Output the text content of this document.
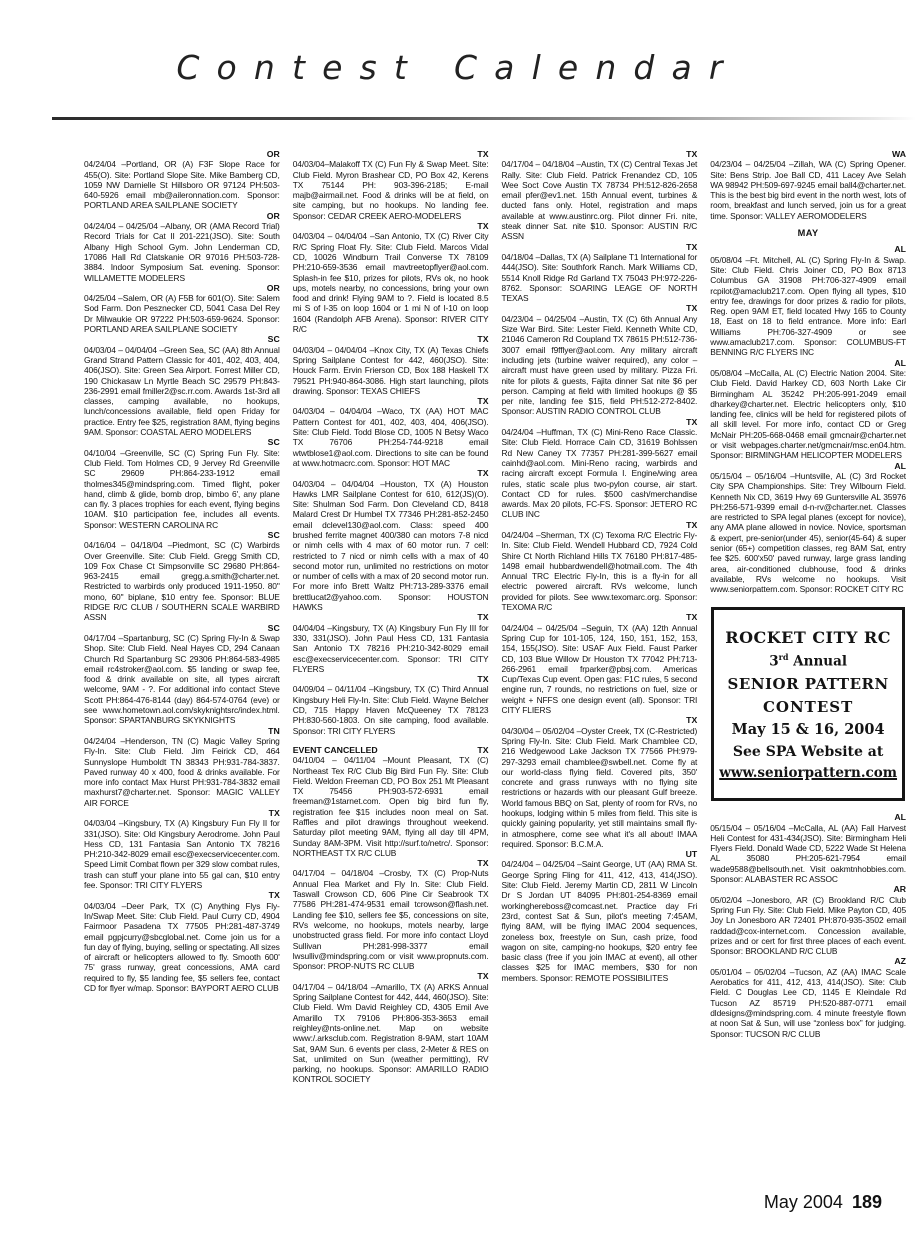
Contest Calendar
OR
04/24/04 –Portland, OR (A) F3F Slope Race for 455(O). Site: Portland Slope Site. Mike Bamberg CD, 1059 NW Darnielle St Hillsboro OR 97124 PH:503-640-5926 email mb@aileronnation.com. Sponsor: PORTLAND AREA SAILPLANE SOCIETY
OR
04/24/04 – 04/25/04 –Albany, OR (AMA Record Trial) Record Trials for Cat II 201-221(JSO). Site: South Albany High School Gym. John Lenderman CD, 17086 Hall Rd Clatskanie OR 97016 PH:503-728-3884. Indoor Symposium Sat. evening. Sponsor: WILLAMETTE MODELERS
OR
04/25/04 –Salem, OR (A) F5B for 601(O). Site: Salem Sod Farm. Don Pesznecker CD, 5041 Casa Del Rey Dr Milwaukie OR 97222 PH:503-659-9624. Sponsor: PORTLAND AREA SAILPLANE SOCIETY
SC
04/03/04 – 04/04/04 –Green Sea, SC (AA) 8th Annual Grand Strand Pattern Classic for 401, 402, 403, 404, 406(JSO). Site: Green Sea Airport. Forrest Miller CD, 190 Chickasaw Ln Myrtle Beach SC 29579 PH:843-236-2991 email fmiller2@sc.rr.com. Awards 1st-3rd all classes, camping available, no hookups, lunch/concessions available, field open Friday for practice. Entry fee $25, registration 8AM, flying begins 9AM. Sponsor: COASTAL AERO MODELERS
SC
04/10/04 –Greenville, SC (C) Spring Fun Fly. Site: Club Field. Tom Holmes CD, 9 Jervey Rd Greenville SC 29609 PH:864-233-1912 email tholmes345@mindspring.com. Timed flight, poker hand, climb & glide, bomb drop, bimbo 6', any plane can fly. 3 places trophies for each event, flying begins 10AM. $10 participation fee, includes all events. Sponsor: WESTERN CAROLINA RC
SC
04/16/04 – 04/18/04 –Piedmont, SC (C) Warbirds Over Greenville. Site: Club Field. Gregg Smith CD, 109 Fox Chase Ct Simpsonville SC 29680 PH:864-963-2415 email gregg.a.smith@charter.net. Restricted to warbirds only produced 1911-1950. 80" mono, 60" biplane, $10 entry fee. Sponsor: BLUE RIDGE R/C CLUB / SOUTHERN SCALE WARBIRD ASSN
SC
04/17/04 –Spartanburg, SC (C) Spring Fly-In & Swap Shop. Site: Club Field. Neal Hayes CD, 294 Canaan Church Rd Spartanburg SC 29306 PH:864-583-4985 email rc4stroker@aol.com. $5 landing or swap fee, food & drink available on site, all types aircraft welcome, 9AM - ?. For additional info contact Steve Scott PH:864-476-8144 (day) 864-574-0764 (eve) or see www.hometown.aol.com/skyknightsrc/index.html. Sponsor: SPARTANBURG SKYKNIGHTS
TN
04/24/04 –Henderson, TN (C) Magic Valley Spring Fly-In. Site: Club Field. Jim Feirick CD, 464 Sunnyslope Humboldt TN 38343 PH:931-784-3837. Paved runway 40 x 400, food & drinks available. For more info contact Max Hurst PH:931-784-3832 email maxhurst7@charter.net. Sponsor: MAGIC VALLEY AIR FORCE
TX
04/03/04 –Kingsbury, TX (A) Kingsbury Fun Fly II for 331(JSO). Site: Old Kingsbury Aerodrome. John Paul Hess CD, 131 Fantasia San Antonio TX 78216 PH:210-342-8029 email esc@execservicecenter.com. Speed Limit Combat flown per 329 slow combat rules, trash can stuff your plane into 55 gal can, $10 entry fee. Sponsor: TRI CITY FLYERS
TX
04/03/04 –Deer Park, TX (C) Anything Flys Fly-In/Swap Meet. Site: Club Field. Paul Curry CD, 4904 Fairmoor Pasadena TX 77505 PH:281-487-3749 email pgpjcurry@sbcglobal.net. Come join us for a fun day of flying, buying, selling or spectating. All sizes of aircraft or helicopters allowed to fly. Smooth 600' 75' grass runway, great concessions, AMA card required to fly, $5 landing fee, $5 sellers fee, contact CD for flyer w/map. Sponsor: BAYPORT AERO CLUB
TX
04/03/04–Malakoff TX (C) Fun Fly & Swap Meet. Site: Club Field. Myron Brashear CD, PO Box 42, Kerens TX 75144 PH: 903-396-2185; E-mail majb@airmail.net. Food & drinks will be at field, on site camping, but no hookups. No landing fee. Sponsor: CEDAR CREEK AERO-MODELERS
TX
04/03/04 – 04/04/04 –San Antonio, TX (C) River City R/C Spring Float Fly. Site: Club Field. Marcos Vidal CD, 10026 Windburn Trail Converse TX 78109 PH:210-659-3536 email mavtreetopflyer@aol.com. Splash-in fee $10, prizes for pilots, RVs ok, no hook ups, motels nearby, no concessions, bring your own food and drink! Flying 9AM to ?. Field is located 8.5 mi S of I-35 on loop 1604 or 1 mi N of I-10 on loop 1604 (Randolph AFB Arena). Sponsor: RIVER CITY R/C
TX
04/03/04 – 04/04/04 –Knox City, TX (A) Texas Chiefs Spring Sailplane Contest for 442, 460(JSO). Site: Houck Farm. Ervin Frierson CD, Box 188 Haskell TX 79521 PH:940-864-3086. High start launching, pilots drawing. Sponsor: TEXAS CHIEFS
TX
04/03/04 – 04/04/04 –Waco, TX (AA) HOT MAC Pattern Contest for 401, 402, 403, 404, 406(JSO). Site: Club Field. Todd Blose CD, 1005 N Betsy Waco TX 76706 PH:254-744-9218 email wtwtblose1@aol.com. Directions to site can be found at www.hotmacrc.com. Sponsor: HOT MAC
TX
04/03/04 – 04/04/04 –Houston, TX (A) Houston Hawks LMR Sailplane Contest for 610, 612(JS)(O). Site: Shulman Sod Farm. Don Cleveland CD, 8418 Malard Crest Dr Humbel TX 77346 PH:281-852-2450 email dclevel130@aol.com. Class: speed 400 brushed ferrite magnet 400/380 can motors 7-8 nicd or nimh cells with 4 max of 60 motor run. 7 cell: restricted to 7 nicd or nimh cells with a max of 40 second motor run, unlimited no restrictions on motor or number of cells with a max of 20 second motor run. For more info Brett Waltz PH:713-289-3376 email brettlucat2@yahoo.com. Sponsor: HOUSTON HAWKS
TX
04/04/04 –Kingsbury, TX (A) Kingsbury Fun Fly III for 330, 331(JSO). John Paul Hess CD, 131 Fantasia San Antonio TX 78216 PH:210-342-8029 email esc@execservicecenter.com. Sponsor: TRI CITY FLYERS
TX
04/09/04 – 04/11/04 –Kingsbury, TX (C) Third Annual Kingsbury Heli Fly-In. Site: Club Field. Wayne Belcher CD, 715 Happy Haven McQueeney TX 78123 PH:830-560-1803. On site camping, food available. Sponsor: TRI CITY FLYERS
EVENT CANCELLED	TX
04/10/04 – 04/11/04 –Mount Pleasant, TX (C) Northeast Tex R/C Club Big Bird Fun Fly. Site: Club Field. Weldon Freeman CD, PO Box 251 Mt Pleasant TX 75456 PH:903-572-6931 email freeman@1starnet.com. Open big bird fun fly, registration fee $15 includes noon meal on Sat. Raffles and pilot drawings throughout weekend. Saturday pilot meeting 9AM, flying all day till 4PM, Sunday 8AM-3PM. Visit http://surf.to/netrc/. Sponsor: NORTHEAST TX R/C CLUB
TX
04/17/04 – 04/18/04 –Crosby, TX (C) Prop-Nuts Annual Flea Market and Fly In. Site: Club Field. Taswall Crowson CD, 606 Pine Cir Seabrook TX 77586 PH:281-474-9531 email tcrowson@flash.net. Landing fee $10, sellers fee $5, concessions on site, RVs welcome, no hookups, motels nearby, large unobstructed grass field. For more info contact Lloyd Sullivan PH:281-998-3377 email lwsulliv@mindspring.com or visit www.propnuts.com. Sponsor: PROP-NUTS RC CLUB
TX
04/17/04 – 04/18/04 –Amarillo, TX (A) ARKS Annual Spring Sailplane Contest for 442, 444, 460(JSO). Site: Club Field. Wm David Reighley CD, 4305 Emil Ave Amarillo TX 79106 PH:806-353-3653 email reighley@nts-online.net. Map on website www:/.arksclub.com. Registration 8-9AM, start 10AM Sat, 9AM Sun. 6 events per class, 2-Meter & RES on Sat, unlimited on Sun (weather permitting), RV parking, no hookups. Sponsor: AMARILLO RADIO KONTROL SOCIETY
TX
04/17/04 – 04/18/04 –Austin, TX (C) Central Texas Jet Rally. Site: Club Field. Patrick Frenandez CD, 105 Wee Soct Cove Austin TX 78734 PH:512-826-2658 email pfer@ev1.net. 15th Annual event, turbines & ducted fans only. Hotel, registration and maps available at www.austinrc.org. Pilot dinner Fri. nite, steak dinner Sat. nite $10. Sponsor: AUSTIN R/C ASSN
TX
04/18/04 –Dallas, TX (A) Sailplane T1 International for 444(JSO). Site: Southfork Ranch. Mark Williams CD, 5514 Knoll Ridge Rd Garland TX 75043 PH:972-226-8762. Sponsor: SOARING LEAGE OF NORTH TEXAS
TX
04/23/04 – 04/25/04 –Austin, TX (C) 6th Annual Any Size War Bird. Site: Lester Field. Kenneth White CD, 21046 Cameron Rd Coupland TX 78615 PH:512-736-3007 email f9fflyer@aol.com. Any military aircraft including jets (turbine waiver required), any color – aircraft must have green used by military. Pizza Fri. nite for pilots & guests, Fajita dinner Sat nite $6 per person. Camping at field with limited hookups @ $5 per nite, landing fee $15, field PH:512-272-8402. Sponsor: AUSTIN RADIO CONTROL CLUB
TX
04/24/04 –Huffman, TX (C) Mini-Reno Race Classic. Site: Club Field. Horrace Cain CD, 31619 Bohlssen Rd New Caney TX 77357 PH:281-399-5627 email cainhd@aol.com. Mini-Reno racing, warbirds and racing aircraft except Formula I. Engine/wing area rules, static scale plus two-pylon course, air start. Contact CD for rules. $500 cash/merchandise awards. Max 20 pilots, FC-FS. Sponsor: JETERO RC CLUB INC
TX
04/24/04 –Sherman, TX (C) Texoma R/C Electric Fly-In. Site: Club Field. Wendell Hubbard CD, 7924 Cold Shire Ct North Richland Hills TX 76180 PH:817-485-1498 email hubbardwendell@hotmail.com. The 4th Annual TRC Electric Fly-In, this is a fly-in for all electric powered aircraft. RVs welcome, lunch provided for pilots. See www.texomarc.org. Sponsor: TEXOMA R/C
TX
04/24/04 – 04/25/04 –Seguin, TX (AA) 12th Annual Spring Cup for 101-105, 124, 150, 151, 152, 153, 154, 155(JSO). Site: USAF Aux Field. Faust Parker CD, 103 Blue Willow Dr Houston TX 77042 PH:713-266-2961 email frparker@pbsj.com. Americas Cup/Texas Cup event. Open gas: F1C rules, 5 second engine run, 7 rounds, no restrictions on fuel, size or weight + NFFS one design event (all). Sponsor: TRI CITY FLIERS
TX
04/30/04 – 05/02/04 –Oyster Creek, TX (C-Restricted) Spring Fly-In. Site: Club Field. Mark Chamblee CD, 216 Wedgewood Lake Jackson TX 77566 PH:979-297-3293 email chamblee@swbell.net. Come fly at our world-class flying field. Covered pits, 350' concrete and grass runways with no flying site restrictions or hazards with our pleasant Gulf breeze. World famous BBQ on Sat, plenty of room for RVs, no hookups, lodging within 5 miles from field. This site is quickly gaining popularity, yet still maintains small fly-in atmosphere, come see what it's all about! IMAA required. Sponsor: B.C.M.A.
UT
04/24/04 – 04/25/04 –Saint George, UT (AA) RMA St. George Spring Fling for 411, 412, 413, 414(JSO). Site: Club Field. Jeremy Martin CD, 2811 W Lincoln Dr S Jordan UT 84095 PH:801-254-8369 email workinghereboss@comcast.net. Practice day Fri 23rd, contest Sat & Sun, pilot's meeting 7:45AM, flying 8AM, will be flying IMAC 2004 sequences, zoneless box, freestyle on Sun, cash prize, food wagon on site, camping-no hookups, $20 entry fee basic class (free if you join IMAC at event), all other classes $25 for IMAC members, $30 for non members. Sponsor: REMOTE POSSIBILITES
WA
04/23/04 – 04/25/04 –Zillah, WA (C) Spring Opener. Site: Bens Strip. Joe Ball CD, 411 Lacey Ave Selah WA 98942 PH:509-697-9245 email ball4@charter.net. This is the best big bird event in the north west, lots of room, breakfast and lunch served, join us for a great time. Sponsor: VALLEY AEROMODELERS
MAY
AL
05/08/04 –Ft. Mitchell, AL (C) Spring Fly-In & Swap. Site: Club Field. Chris Joiner CD, PO Box 8713 Columbus GA 31908 PH:706-327-4909 email rcpilot@amaclub217.com. Open flying all types, $10 entry fee, drawings for door prizes & radio for pilots, Reg. open 9AM ET, field located Hwy 165 to County 18, East on 18 to field entrance. More info: Earl Williams PH:706-327-4909 or see www.amaclub217.com. Sponsor: COLUMBUS-FT BENNING R/C FLYERS INC
AL
05/08/04 –McCalla, AL (C) Electric Nation 2004. Site: Club Field. David Harkey CD, 603 North Lake Cir Birmingham AL 35242 PH:205-991-2049 email dharkey@charter.net. Electric helicopters only, $10 landing fee, clinics will be held for registered pilots of all skill level. For more info, contact CD or Greg McNair PH:205-668-0468 email gmcnair@charter.net or visit webpages.charter.net/gmcnair/msc.en04.htm. Sponsor: BIRMINGHAM HELICOPTER MODELERS
AL
05/15/04 – 05/16/04 –Huntsville, AL (C) 3rd Rocket City SPA Championships. Site: Trey Wilbourn Field. Kenneth Nix CD, 3619 Hwy 69 Guntersville AL 35976 PH:256-571-9399 email d-n-rv@charter.net. Classes are restricted to SPA legal planes (except for novice), any AMA plane allowed in novice. Novice, sportsman & expert, pre-senior(under 45), senior(45-64) & super senior (65+) competition classes, reg 8AM Sat, entry fee $25. 600'x50' paved runway, large grass landing area, air-conditioned clubhouse, food & drinks available, RVs welcome no hookups. Visit www.seniorpattern.com. Sponsor: ROCKET CITY RC
ROCKET CITY RC
3rd Annual
SENIOR PATTERN
CONTEST
May 15 & 16, 2004
See SPA Website at
www.seniorpattern.com
AL
05/15/04 – 05/16/04 –McCalla, AL (AA) Fall Harvest Heli Contest for 431-434(JSO). Site: Birmingham Heli Flyers Field. Donald Wade CD, 5222 Wade St Helena AL 35080 PH:205-621-7954 email wade9588@bellsouth.net. Visit oakmtnhobbies.com. Sponsor: ALABASTER RC ASSOC
AR
05/02/04 –Jonesboro, AR (C) Brookland R/C Club Spring Fun Fly. Site: Club Field. Mike Payton CD, 405 Joy Ln Jonesboro AR 72401 PH:870-935-3502 email raddad@cox-internet.com. Concession available, prizes and or cert for first three places of each event. Sponsor: BROOKLAND R/C CLUB
AZ
05/01/04 – 05/02/04 –Tucson, AZ (AA) IMAC Scale Aerobatics for 411, 412, 413, 414(JSO). Site: Club Field. C Douglas Lee CD, 1145 E Kleindale Rd Tucson AZ 85719 PH:520-887-0771 email dldesigns@mindspring.com. 4 minute freestyle flown at noon Sat & Sun, will use “zonless box” for judging. Sponsor: TUCSON R/C CLUB
May 2004 189
